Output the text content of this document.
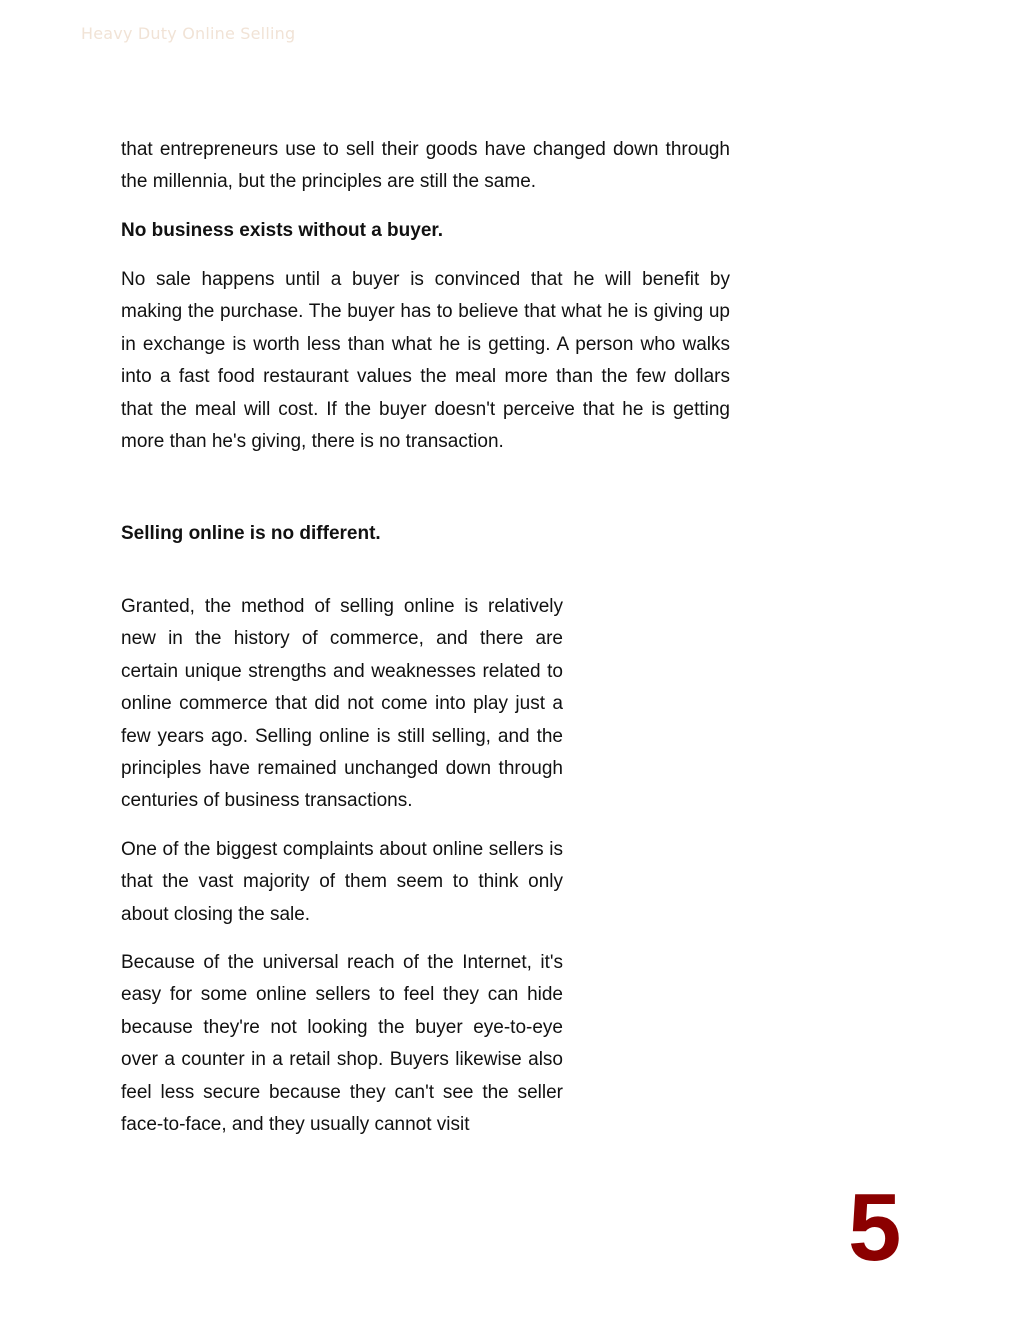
Heavy Duty Online Selling

that entrepreneurs use to sell their goods have changed down through the millennia, but the principles are still the same.

No business exists without a buyer.

No sale happens until a buyer is convinced that he will benefit by making the purchase. The buyer has to believe that what he is giving up in exchange is worth less than what he is getting. A person who walks into a fast food restaurant values the meal more than the few dollars that the meal will cost. If the buyer doesn't perceive that he is getting more than he's giving, there is no transaction.

Selling online is no different.

Granted, the method of selling online is relatively new in the history of commerce, and there are certain unique strengths and weaknesses related to online commerce that did not come into play just a few years ago. Selling online is still selling, and the principles have remained unchanged down through centuries of business transactions.

One of the biggest complaints about online sellers is that the vast majority of them seem to think only about closing the sale.

Because of the universal reach of the Internet, it's easy for some online sellers to feel they can hide because they're not looking the buyer eye-to-eye over a counter in a retail shop. Buyers likewise also feel less secure because they can't see the seller face-to-face, and they usually cannot visit

5
